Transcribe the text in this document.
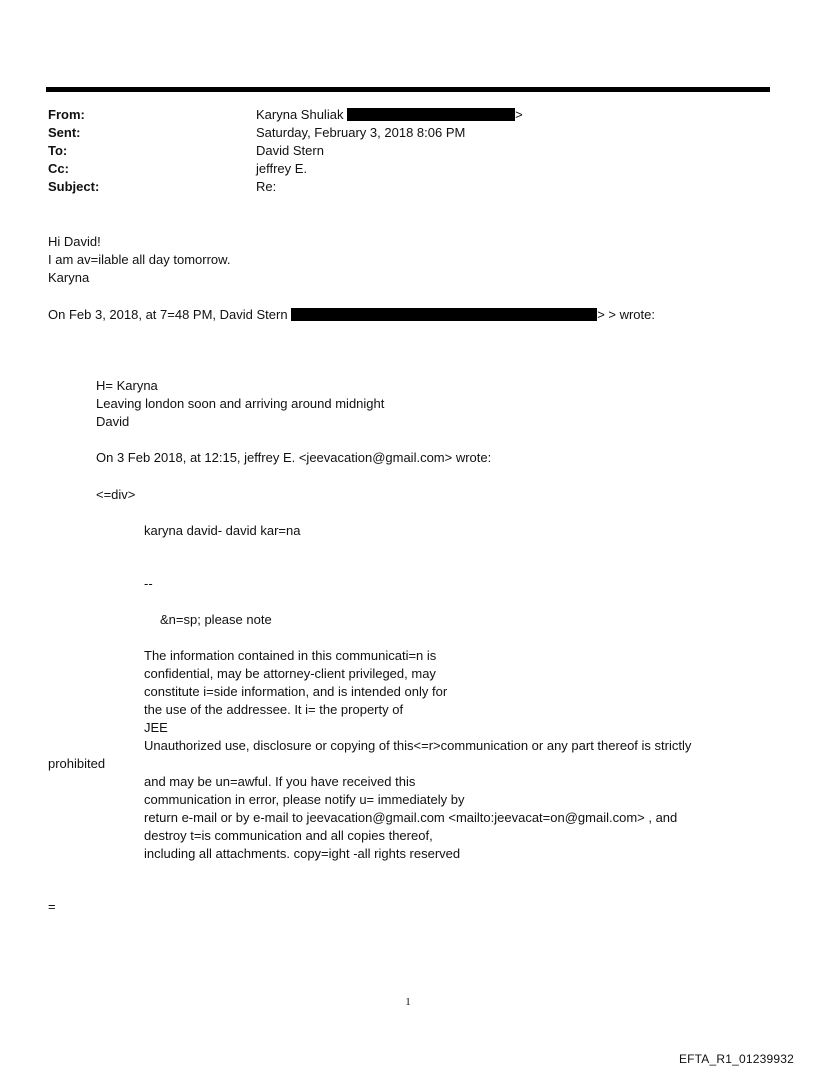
From:	Karyna Shuliak	>
Sent:	Saturday, February 3, 2018 8:06 PM
To:	David Stern
Cc:	jeffrey E.
Subject:	Re:
Hi David!
I am av=ilable all day tomorrow.
Karyna
On Feb 3, 2018, at 7=48 PM, David Stern	> > wrote:
H= Karyna
Leaving london soon and arriving around midnight
David
On 3 Feb 2018, at 12:15, jeffrey E. <jeevacation@gmail.com> wrote:
<=div>
karyna david- david kar=na
--
&n=sp; please note
The information contained in this communicati=n is
confidential, may be attorney-client privileged, may
constitute i=side information, and is intended only for
the use of the addressee. It i= the property of
JEE
Unauthorized use, disclosure or copying of this<=r>communication or any part thereof is strictly
prohibited
and may be un=awful. If you have received this
communication in error, please notify u= immediately by
return e-mail or by e-mail to jeevacation@gmail.com <mailto:jeevacat=on@gmail.com> , and
destroy t=is communication and all copies thereof,
including all attachments. copy=ight -all rights reserved
=
1
EFTA_R1_01239932
